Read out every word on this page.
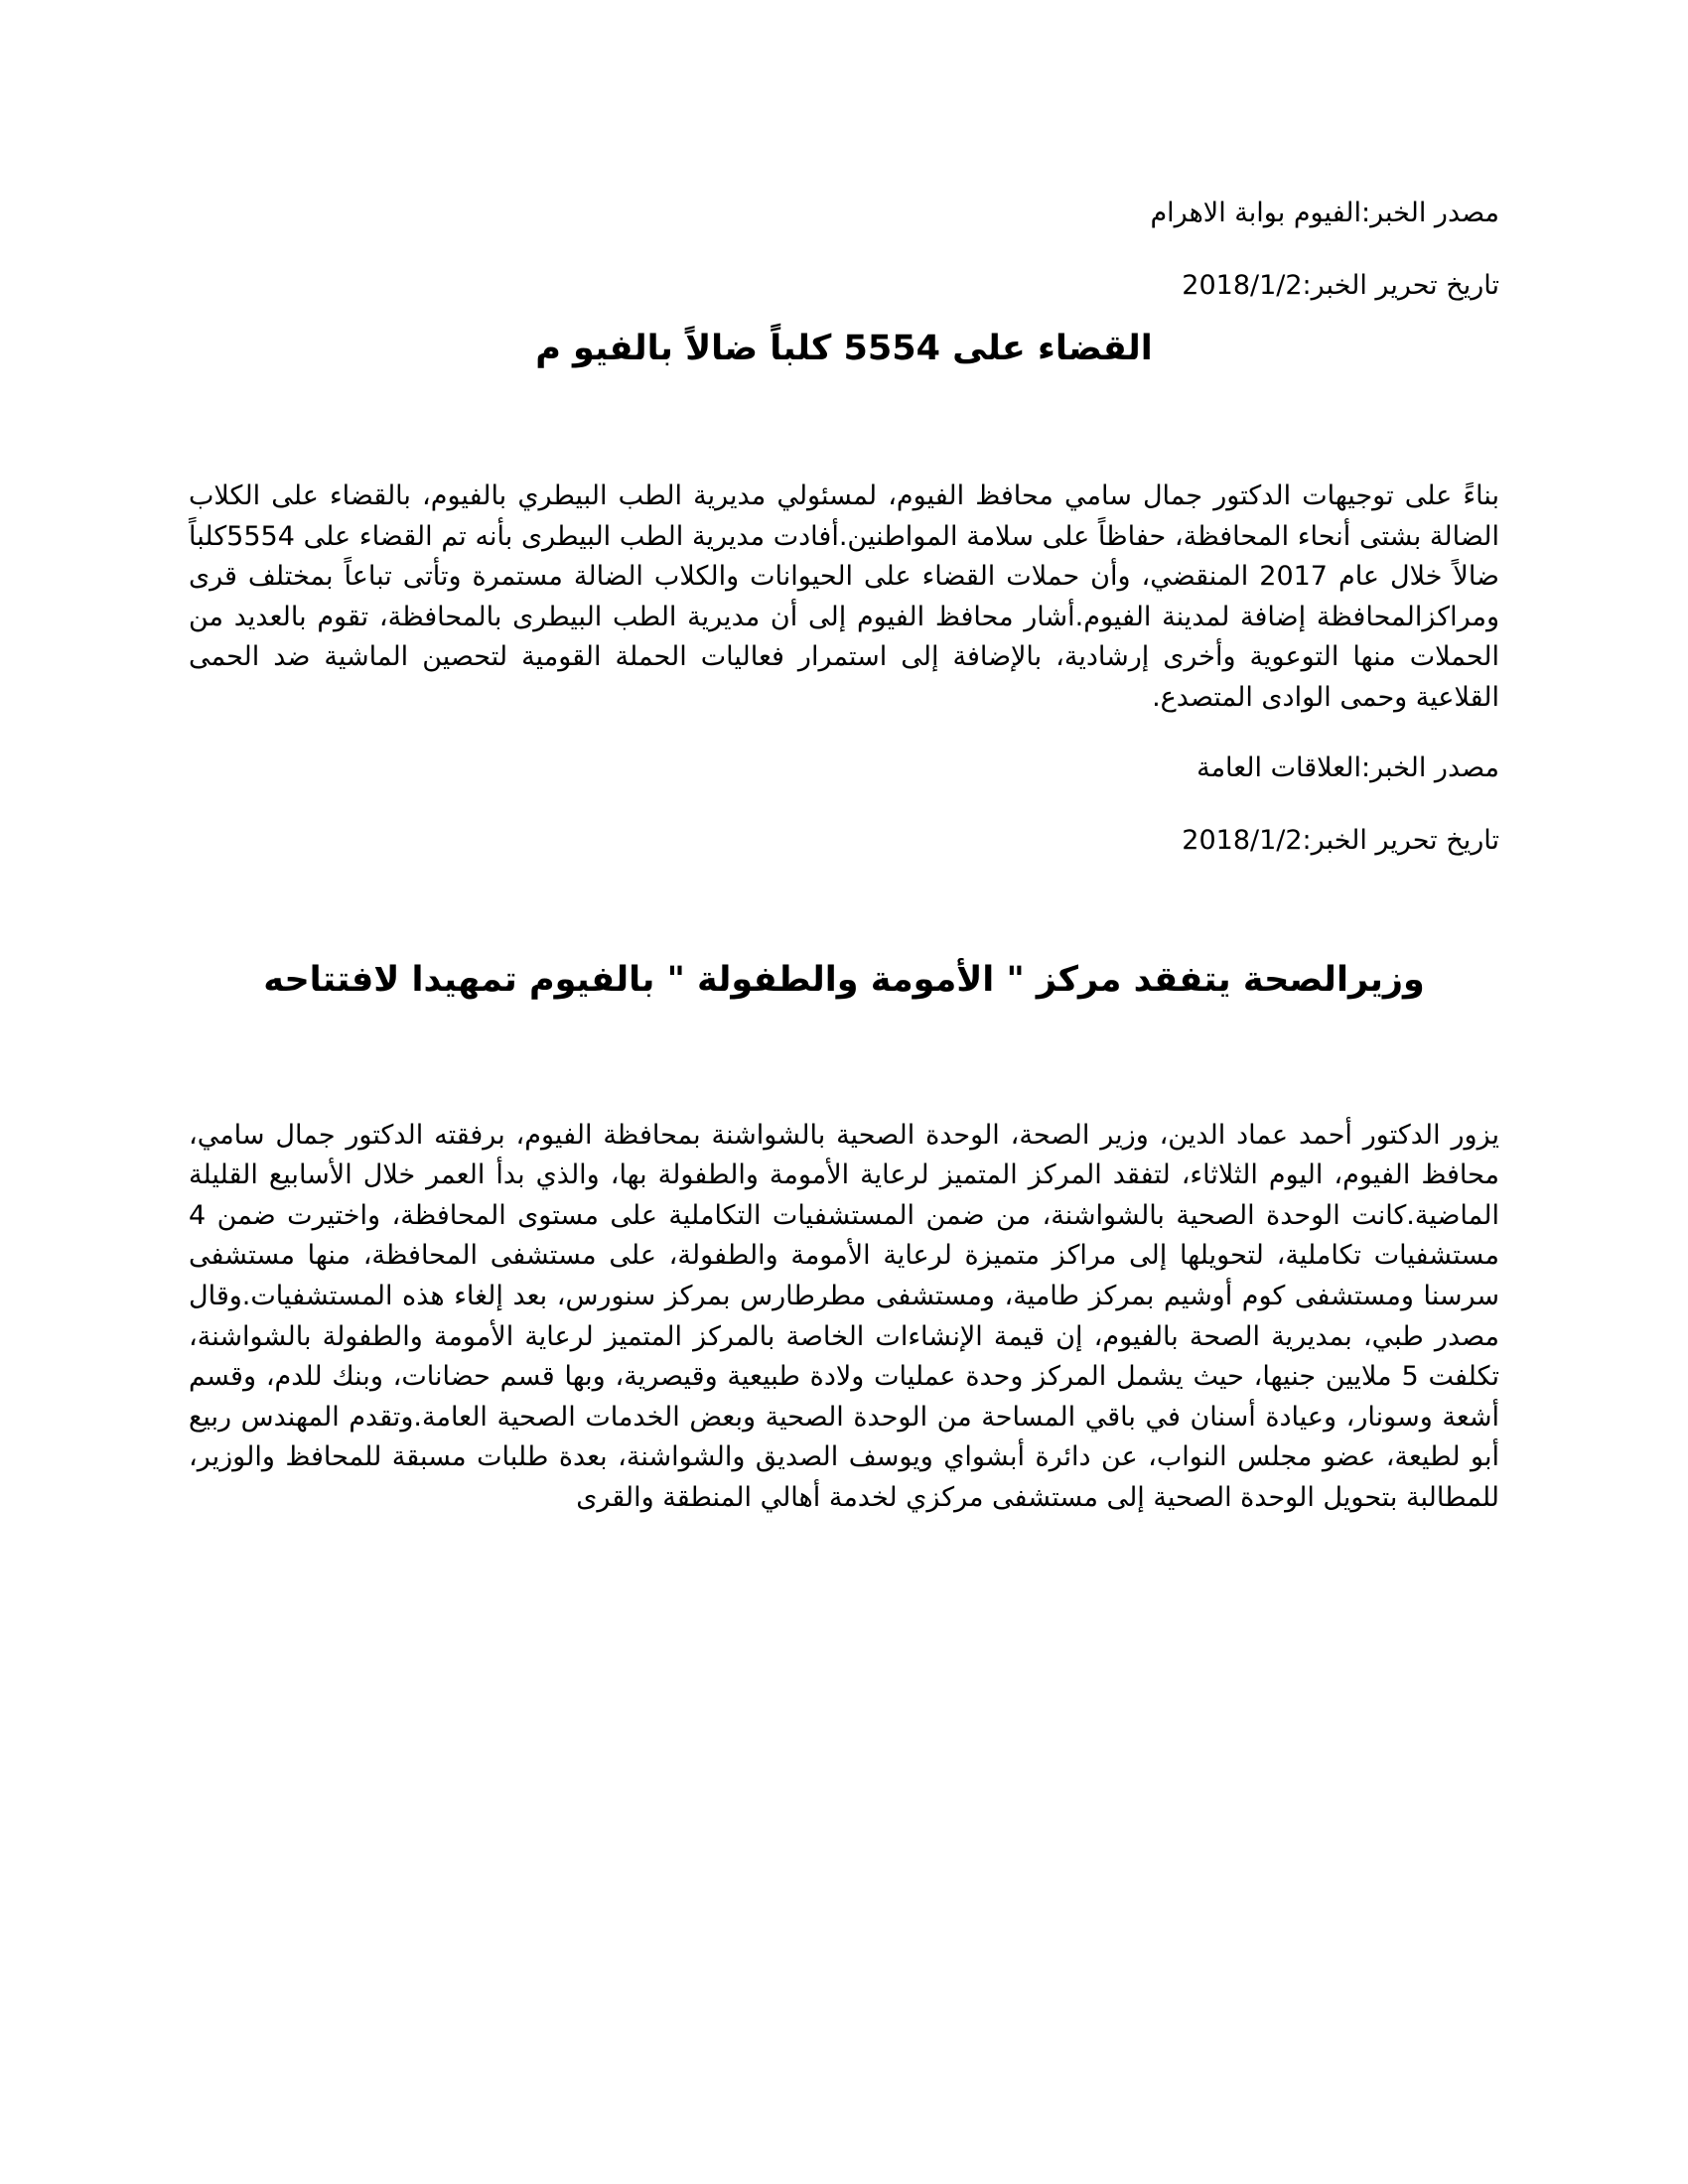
مصدر الخبر:الفيوم بوابة الاهرام

تاريخ تحرير الخبر:2018/1/2

القضاء على 5554 كلباً ضالاً بالفيو م

بناءً على توجيهات الدكتور جمال سامي محافظ الفيوم، لمسئولي مديرية الطب البيطري بالفيوم، بالقضاء على الكلاب الضالة بشتى أنحاء المحافظة، حفاظاً على سلامة المواطنين.أفادت مديرية الطب البيطرى بأنه تم القضاء على 5554كلباً ضالاً خلال عام 2017 المنقضي، وأن حملات القضاء على الحيوانات والكلاب الضالة مستمرة وتأتى تباعاً بمختلف قرى ومراكزالمحافظة إضافة لمدينة الفيوم.أشار محافظ الفيوم إلى أن مديرية الطب البيطرى بالمحافظة، تقوم بالعديد من الحملات منها التوعوية وأخرى إرشادية، بالإضافة إلى استمرار فعاليات الحملة القومية لتحصين الماشية ضد الحمى القلاعية وحمى الوادى المتصدع.

مصدر الخبر:العلاقات العامة

تاريخ تحرير الخبر:2018/1/2

وزيرالصحة يتفقد مركز " الأمومة والطفولة " بالفيوم تمهيدا لافتتاحه

يزور الدكتور أحمد عماد الدين، وزير الصحة، الوحدة الصحية بالشواشنة بمحافظة الفيوم، برفقته الدكتور جمال سامي، محافظ الفيوم، اليوم الثلاثاء، لتفقد المركز المتميز لرعاية الأمومة والطفولة بها، والذي بدأ العمر خلال الأسابيع القليلة الماضية.كانت الوحدة الصحية بالشواشنة، من ضمن المستشفيات التكاملية على مستوى المحافظة، واختيرت ضمن 4 مستشفيات تكاملية، لتحويلها إلى مراكز متميزة لرعاية الأمومة والطفولة، على مستشفى المحافظة، منها مستشفى سرسنا ومستشفى كوم أوشيم بمركز طامية، ومستشفى مطرطارس بمركز سنورس، بعد إلغاء هذه المستشفيات.وقال مصدر طبي، بمديرية الصحة بالفيوم، إن قيمة الإنشاءات الخاصة بالمركز المتميز لرعاية الأمومة والطفولة بالشواشنة، تكلفت 5 ملايين جنيها، حيث يشمل المركز وحدة عمليات ولادة طبيعية وقيصرية، وبها قسم حضانات، وبنك للدم، وقسم أشعة وسونار، وعيادة أسنان في باقي المساحة من الوحدة الصحية وبعض الخدمات الصحية العامة.وتقدم المهندس ربيع أبو لطيعة، عضو مجلس النواب، عن دائرة أبشواي ويوسف الصديق والشواشنة، بعدة طلبات مسبقة للمحافظ والوزير، للمطالبة بتحويل الوحدة الصحية إلى مستشفى مركزي لخدمة أهالي المنطقة والقرى
